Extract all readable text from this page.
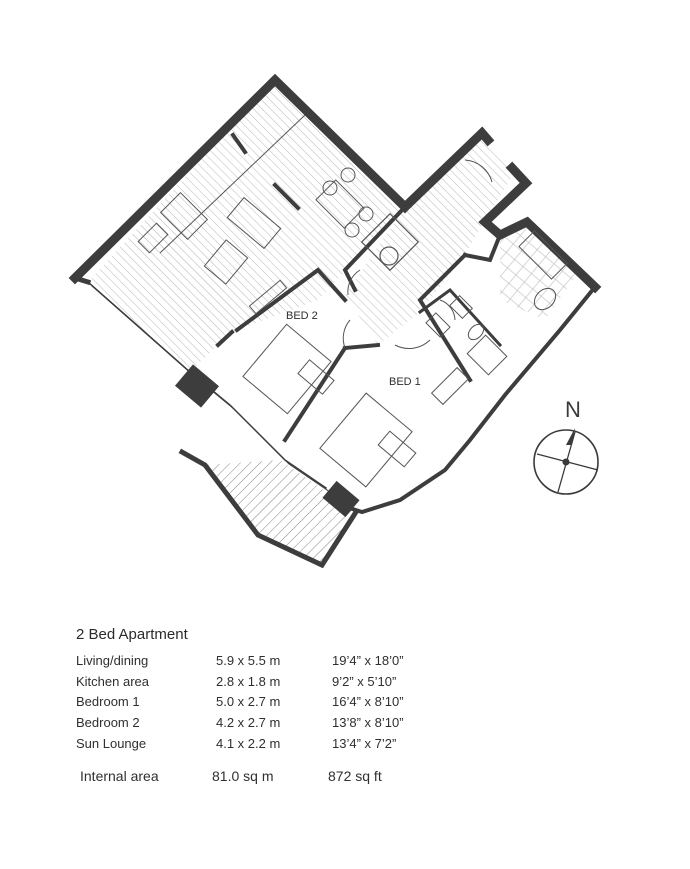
BED 2
BED 1
N
2 Bed Apartment
Living/dining	5.9 x 5.5 m	19’4” x 18’0”
Kitchen area	2.8 x 1.8 m	9’2” x 5’10”
Bedroom 1	5.0 x 2.7 m	16’4” x 8’10”
Bedroom 2	4.2 x 2.7 m	13’8” x 8’10”
Sun Lounge	4.1 x 2.2 m	13’4” x 7’2”
Internal area	81.0 sq m	872 sq ft
